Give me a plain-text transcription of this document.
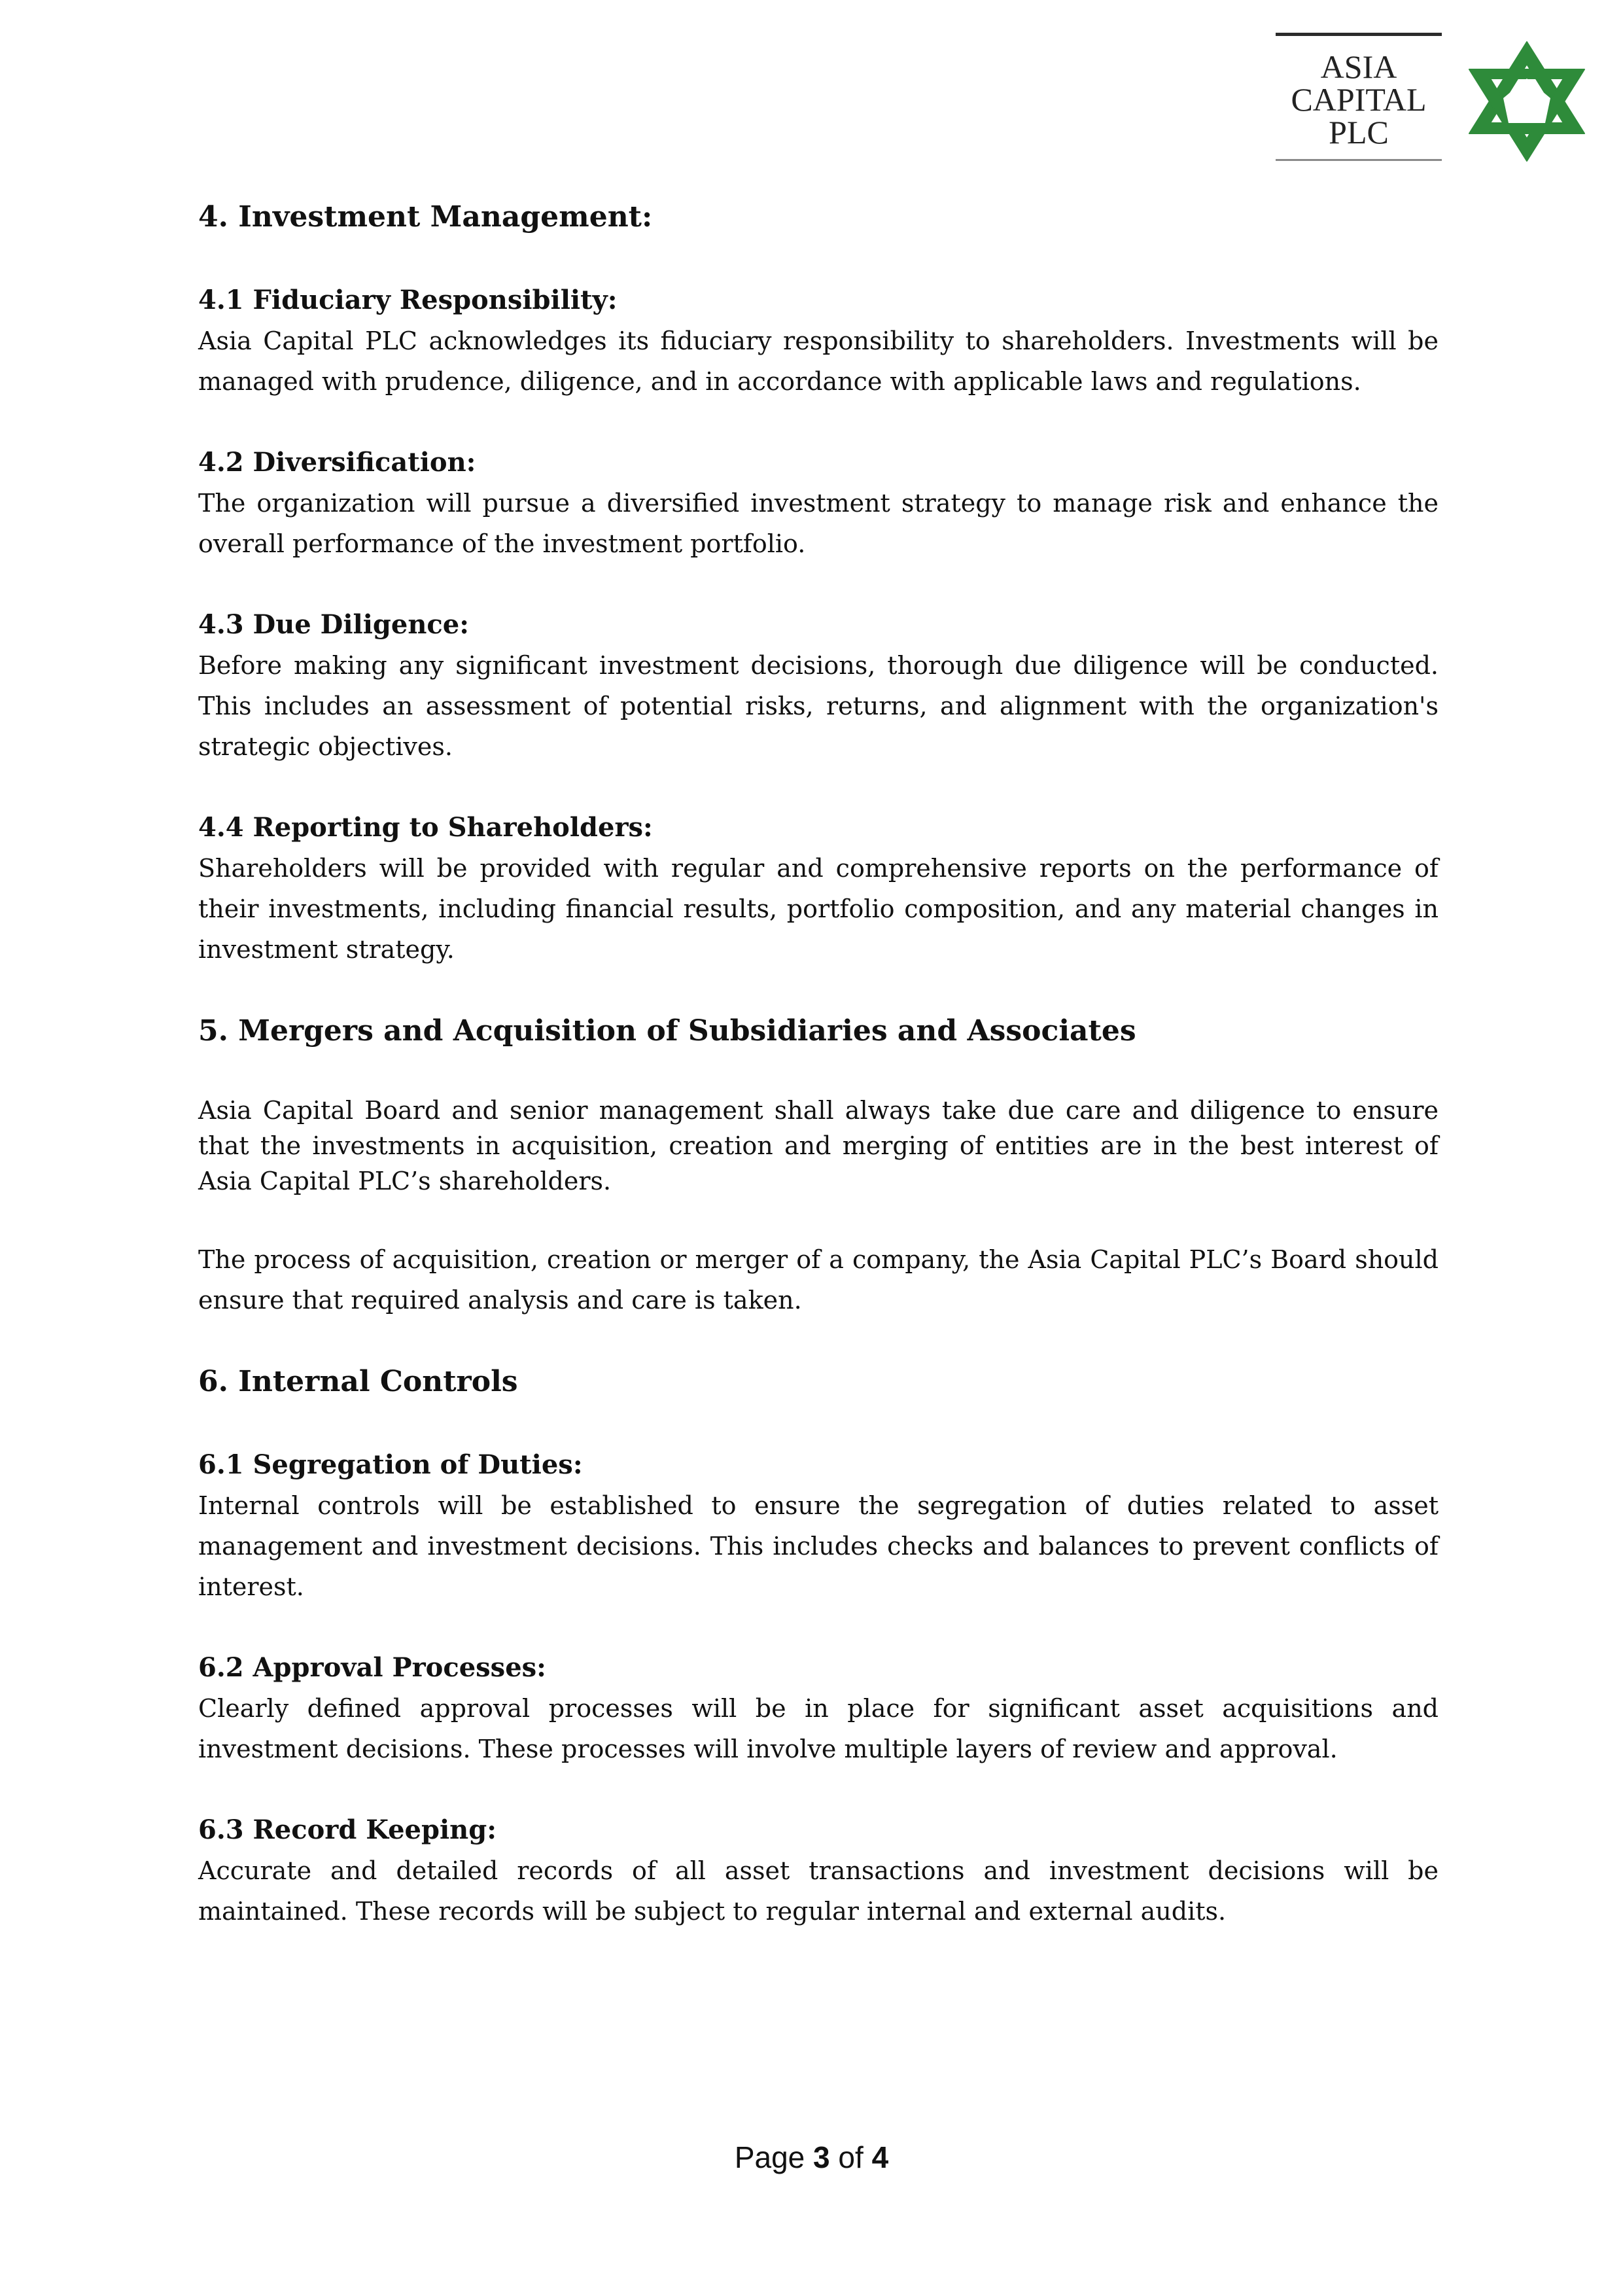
ASIA
CAPITAL
PLC
4. Investment Management:
4.1 Fiduciary Responsibility:

Asia Capital PLC acknowledges its fiduciary responsibility to shareholders. Investments will be managed with prudence, diligence, and in accordance with applicable laws and regulations.

4.2 Diversification:

The organization will pursue a diversified investment strategy to manage risk and enhance the overall performance of the investment portfolio.

4.3 Due Diligence:

Before making any significant investment decisions, thorough due diligence will be conducted. This includes an assessment of potential risks, returns, and alignment with the organization's strategic objectives.

4.4 Reporting to Shareholders:

Shareholders will be provided with regular and comprehensive reports on the performance of their investments, including financial results, portfolio composition, and any material changes in investment strategy.

5. Mergers and Acquisition of Subsidiaries and Associates

Asia Capital Board and senior management shall always take due care and diligence to ensure that the investments in acquisition, creation and merging of entities are in the best interest of Asia Capital PLC’s shareholders.

The process of acquisition, creation or merger of a company, the Asia Capital PLC’s Board should ensure that required analysis and care is taken.

6. Internal Controls
6.1 Segregation of Duties:

Internal controls will be established to ensure the segregation of duties related to asset management and investment decisions. This includes checks and balances to prevent conflicts of interest.

6.2 Approval Processes:

Clearly defined approval processes will be in place for significant asset acquisitions and investment decisions. These processes will involve multiple layers of review and approval.

6.3 Record Keeping:

Accurate and detailed records of all asset transactions and investment decisions will be maintained. These records will be subject to regular internal and external audits.

Page 3 of 4
